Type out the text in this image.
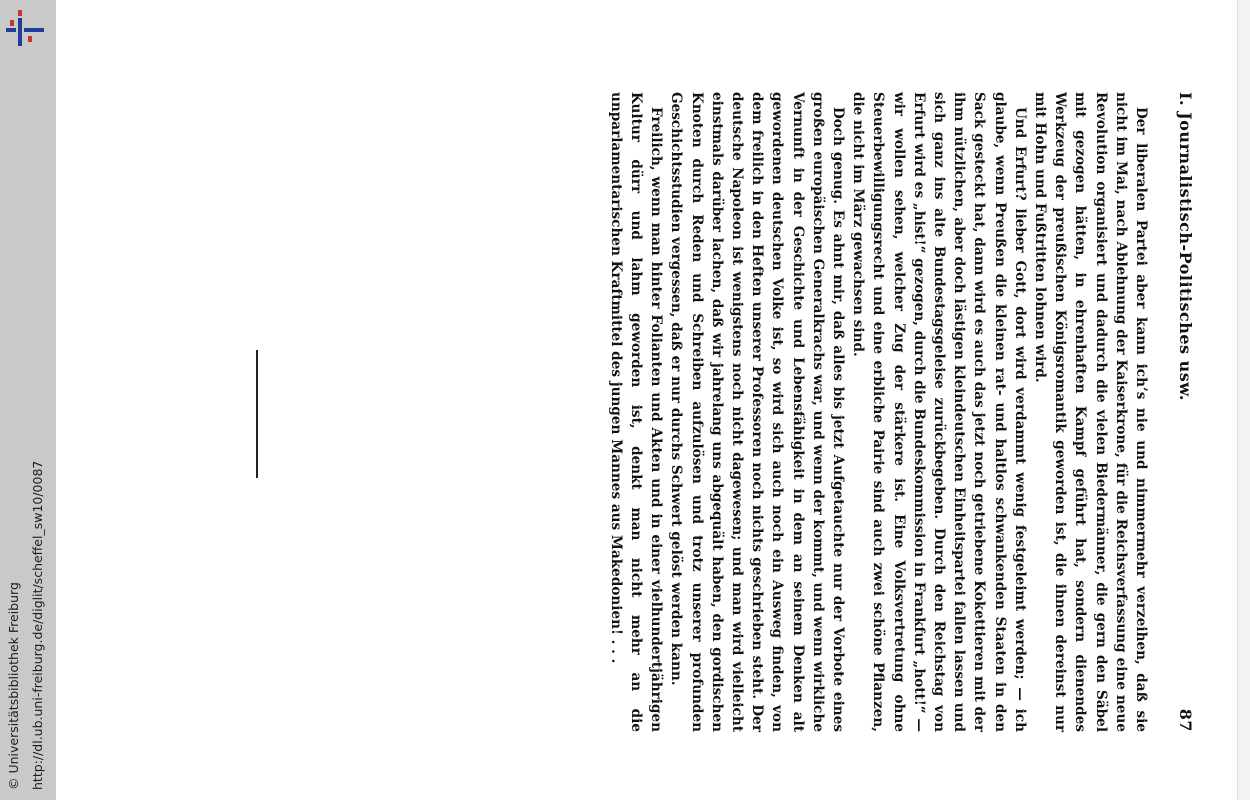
http://dl.ub.uni-freiburg.de/diglit/scheffel_sw10/0087
© Universitätsbibliothek Freiburg
I. Journalistisch-Politisches usw.
87

Der liberalen Partei aber kann ich’s nie und nimmermehr verzeihen, daß sie nicht im Mai, nach Ablehnung der Kaiserkrone, für die Reichsverfassung eine neue Revolution organisiert und dadurch die vielen Biedermänner, die gern den Säbel mit gezogen hätten, in ehrenhaften Kampf geführt hat, sondern dienendes Werkzeug der preußischen Königsromantik geworden ist, die ihnen dereinst nur mit Hohn und Fußtritten lohnen wird.

Und Erfurt? lieber Gott, dort wird verdammt wenig festgeleimt werden; — ich glaube, wenn Preußen die kleinen rat- und haltlos schwankenden Staaten in den Sack gesteckt hat, dann wird es auch das jetzt noch getriebene Kokettieren mit der ihm nützlichen, aber doch lästigen kleindeutschen Einheitspartei fallen lassen und sich ganz ins alte Bundestagsgeleise zurückbegeben. Durch den Reichstag von Erfurt wird es „hist!“ gezogen, durch die Bundeskommission in Frankfurt „hott!“ — wir wollen sehen, welcher Zug der stärkere ist. Eine Volksvertretung ohne Steuerbewilligungsrecht und eine erbliche Pairie sind auch zwei schöne Pflanzen, die nicht im März gewachsen sind.

Doch genug. Es ahnt mir, daß alles bis jetzt Aufgetauchte nur der Vorbote eines großen europäischen Generalkrachs war, und wenn der kommt, und wenn wirkliche Vernunft in der Geschichte und Lebensfähigkeit in dem an seinem Denken alt gewordenen deutschen Volke ist, so wird sich auch noch ein Ausweg finden, von dem freilich in den Heften unserer Professoren noch nichts geschrieben steht. Der deutsche Napoleon ist wenigstens noch nicht dagewesen; und man wird vielleicht einstmals darüber lachen, daß wir jahrelang uns abgequält haben, den gordischen Knoten durch Reden und Schreiben aufzulösen und trotz unserer profunden Geschichtsstudien vergessen, daß er nur durchs Schwert gelöst werden kann.

Freilich, wenn man hinter Folianten und Akten und in einer vielhundertjährigen Kultur dürr und lahm geworden ist, denkt man nicht mehr an die unparlamentarischen Kraftmittel des jungen Mannes aus Makedonien! . . .
